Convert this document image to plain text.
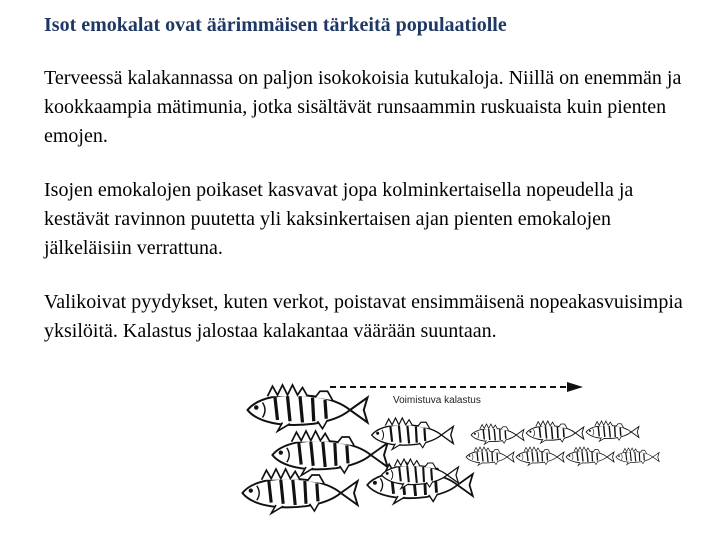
Isot emokalat ovat äärimmäisen tärkeitä populaatiolle
Terveessä kalakannassa on paljon isokokoisia kutukaloja. Niillä on enemmän ja kookkaampia mätimunia, jotka sisältävät runsaammin ruskuaista kuin pienten emojen.
Isojen emokalojen poikaset kasvavat jopa kolminkertaisella nopeudella ja kestävät ravinnon puutetta yli kaksinkertaisen ajan pienten emokalojen jälkeläisiin verrattuna.
Valikoivat pyydykset, kuten verkot, poistavat ensimmäisenä nopeakasvuisimpia yksilöitä. Kalastus jalostaa kalakantaa väärään suuntaan.
Voimistuva kalastus
